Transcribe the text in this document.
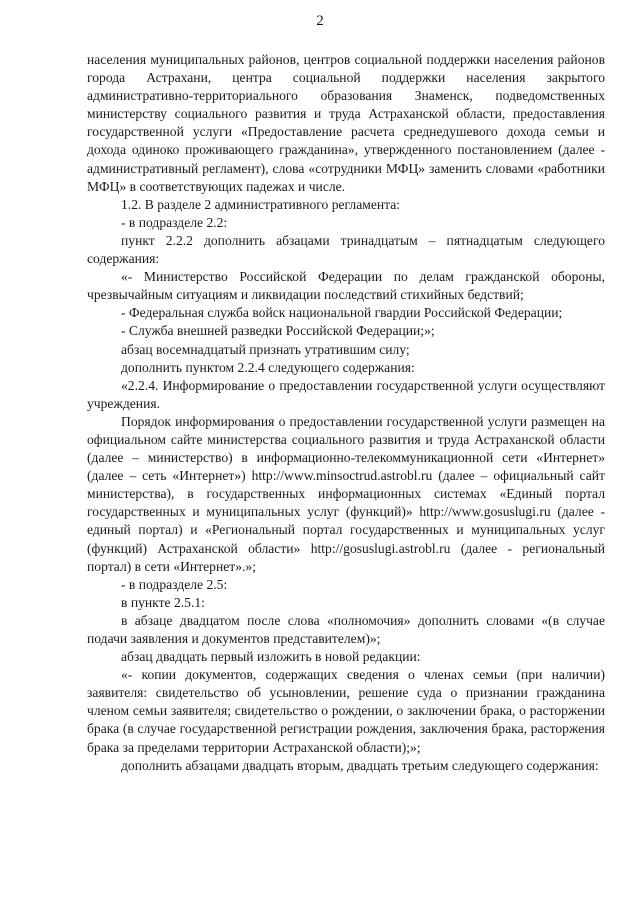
2

населения муниципальных районов, центров социальной поддержки населения районов города Астрахани, центра социальной поддержки населения закрытого административно-территориального образования Знаменск, подведомственных министерству социального развития и труда Астраханской области, предоставления государственной услуги «Предоставление расчета среднедушевого дохода семьи и дохода одиноко проживающего гражданина», утвержденного постановлением (далее - административный регламент), слова «сотрудники МФЦ» заменить словами «работники МФЦ» в соответствующих падежах и числе.

1.2. В разделе 2 административного регламента:

- в подразделе 2.2:

пункт 2.2.2 дополнить абзацами тринадцатым – пятнадцатым следующего содержания:

«- Министерство Российской Федерации по делам гражданской обороны, чрезвычайным ситуациям и ликвидации последствий стихийных бедствий;

- Федеральная служба войск национальной гвардии Российской Федерации;

- Служба внешней разведки Российской Федерации;»;

абзац восемнадцатый признать утратившим силу;

дополнить пунктом 2.2.4 следующего содержания:

«2.2.4. Информирование о предоставлении государственной услуги осуществляют учреждения.

Порядок информирования о предоставлении государственной услуги размещен на официальном сайте министерства социального развития и труда Астраханской области (далее – министерство) в информационно-телекоммуникационной сети «Интернет» (далее – сеть «Интернет») http://www.minsoctrud.astrobl.ru (далее – официальный сайт министерства), в государственных информационных системах «Единый портал государственных и муниципальных услуг (функций)» http://www.gosuslugi.ru (далее - единый портал) и «Региональный портал государственных и муниципальных услуг (функций) Астраханской области» http://gosuslugi.astrobl.ru (далее - региональный портал) в сети «Интернет».»;

- в подразделе 2.5:

в пункте 2.5.1:

в абзаце двадцатом после слова «полномочия» дополнить словами «(в случае подачи заявления и документов представителем)»;

абзац двадцать первый изложить в новой редакции:

«- копии документов, содержащих сведения о членах семьи (при наличии) заявителя: свидетельство об усыновлении, решение суда о признании гражданина членом семьи заявителя; свидетельство о рождении, о заключении брака, о расторжении брака (в случае государственной регистрации рождения, заключения брака, расторжения брака за пределами территории Астраханской области);»;

дополнить абзацами двадцать вторым, двадцать третьим следующего содержания:
